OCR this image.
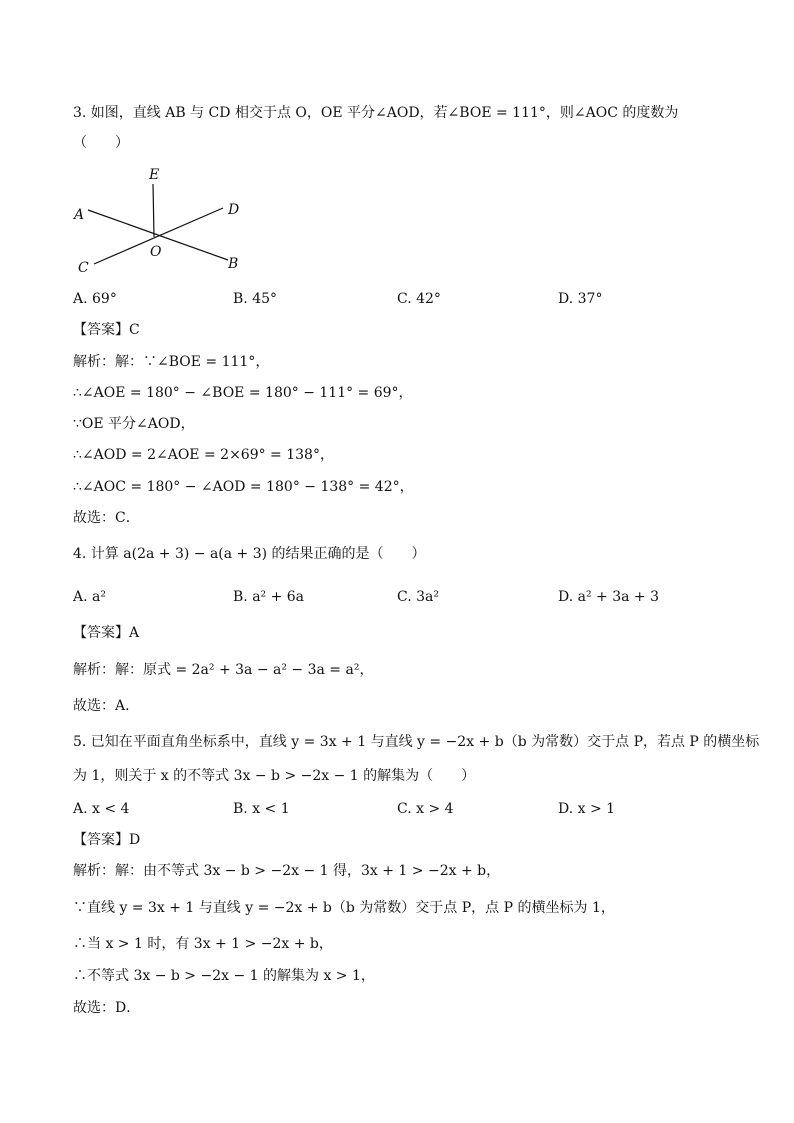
3. 如图，直线 AB 与 CD 相交于点 O，OE 平分∠AOD，若∠BOE = 111°，则∠AOC 的度数为
（　　）
E
A	D
O
C	B
A. 69°	B. 45°	C. 42°	D. 37°
【答案】C
解析：解：∵∠BOE = 111°，
∴∠AOE = 180° − ∠BOE = 180° − 111° = 69°，
∵OE 平分∠AOD，
∴∠AOD = 2∠AOE = 2×69° = 138°，
∴∠AOC = 180° − ∠AOD = 180° − 138° = 42°，
故选：C．
4. 计算 a(2a + 3) − a(a + 3) 的结果正确的是（　　）
A. a²	B. a² + 6a	C. 3a²	D. a² + 3a + 3
【答案】A
解析：解：原式 = 2a² + 3a − a² − 3a = a²，
故选：A．
5. 已知在平面直角坐标系中，直线 y = 3x + 1 与直线 y = −2x + b（b 为常数）交于点 P，若点 P 的横坐标
为 1，则关于 x 的不等式 3x − b > −2x − 1 的解集为（　　）
A. x < 4	B. x < 1	C. x > 4	D. x > 1
【答案】D
解析：解：由不等式 3x − b > −2x − 1 得，3x + 1 > −2x + b，
∵直线 y = 3x + 1 与直线 y = −2x + b（b 为常数）交于点 P，点 P 的横坐标为 1，
∴当 x > 1 时，有 3x + 1 > −2x + b，
∴不等式 3x − b > −2x − 1 的解集为 x > 1，
故选：D．
